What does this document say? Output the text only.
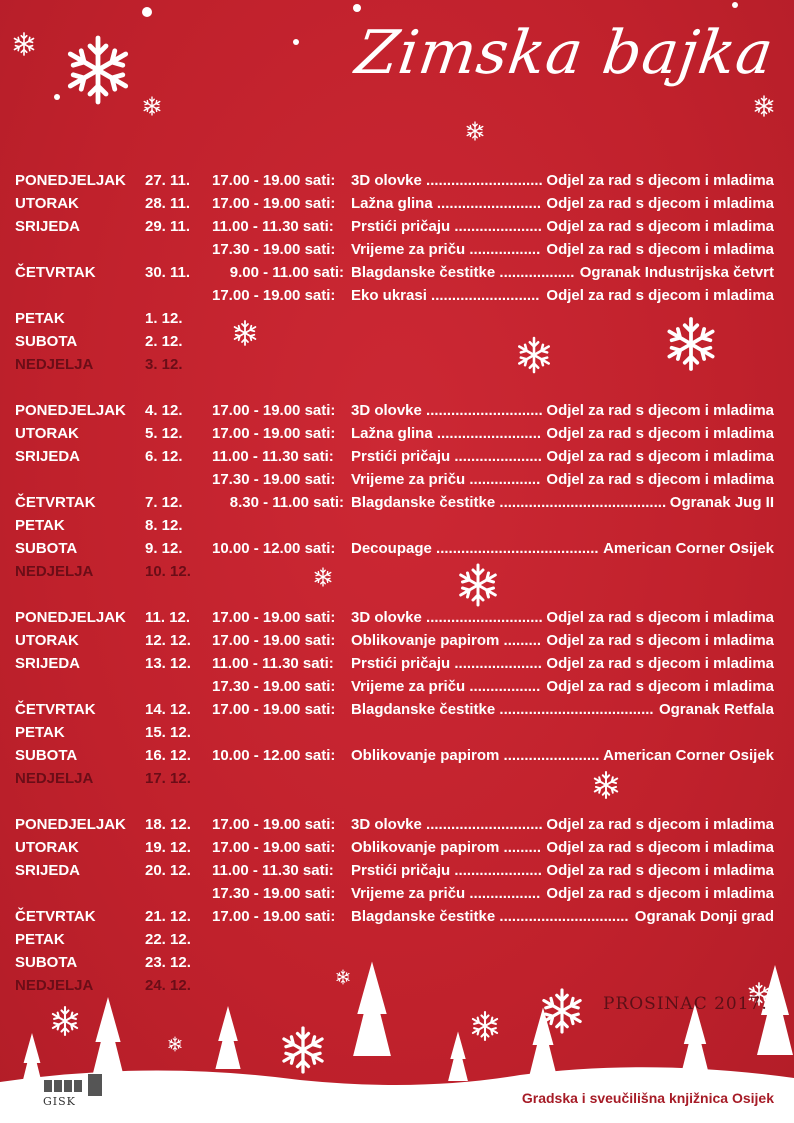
Zimska bajka
PONEDJELJAK 27. 11.	17.00 - 19.00 sati:	3D olovke ............................ Odjel za rad s djecom i mladima
UTORAK	28. 11.	17.00 - 19.00 sati:	Lažna glina ......................... Odjel za rad s djecom i mladima
SRIJEDA	29. 11.	11.00 - 11.30 sati:	Prstići pričaju ..................... Odjel za rad s djecom i mladima
17.30 - 19.00 sati:	Vrijeme za priču ................. Odjel za rad s djecom i mladima
ČETVRTAK	30. 11.	9.00 - 11.00 sati: Blagdanske čestitke .................. Ogranak Industrijska četvrt
17.00 - 19.00 sati:	Eko ukrasi .......................... Odjel za rad s djecom i mladima
PETAK	1. 12.
SUBOTA	2. 12.
NEDJELJA	3. 12.
PONEDJELJAK 4. 12.	17.00 - 19.00 sati:	3D olovke ............................ Odjel za rad s djecom i mladima
UTORAK	5. 12.	17.00 - 19.00 sati:	Lažna glina ......................... Odjel za rad s djecom i mladima
SRIJEDA	6. 12.	11.00 - 11.30 sati:	Prstići pričaju ..................... Odjel za rad s djecom i mladima
17.30 - 19.00 sati:	Vrijeme za priču ................. Odjel za rad s djecom i mladima
ČETVRTAK	7. 12.	8.30 - 11.00 sati: Blagdanske čestitke ........................................ Ogranak Jug II
PETAK	8. 12.
SUBOTA	9. 12.	10.00 - 12.00 sati:	Decoupage ....................................... American Corner Osijek
NEDJELJA	10. 12.
PONEDJELJAK 11. 12.	17.00 - 19.00 sati:	3D olovke ............................ Odjel za rad s djecom i mladima
UTORAK	12. 12.	17.00 - 19.00 sati:	Oblikovanje papirom ......... Odjel za rad s djecom i mladima
SRIJEDA	13. 12.	11.00 - 11.30 sati:	Prstići pričaju ..................... Odjel za rad s djecom i mladima
17.30 - 19.00 sati:	Vrijeme za priču ................. Odjel za rad s djecom i mladima
ČETVRTAK	14. 12.	17.00 - 19.00 sati:	Blagdanske čestitke ..................................... Ogranak Retfala
PETAK	15. 12.
SUBOTA	16. 12.	10.00 - 12.00 sati:	Oblikovanje papirom ....................... American Corner Osijek
NEDJELJA	17. 12.
PONEDJELJAK 18. 12.	17.00 - 19.00 sati:	3D olovke ............................ Odjel za rad s djecom i mladima
UTORAK	19. 12.	17.00 - 19.00 sati:	Oblikovanje papirom ......... Odjel za rad s djecom i mladima
SRIJEDA	20. 12.	11.00 - 11.30 sati:	Prstići pričaju ..................... Odjel za rad s djecom i mladima
17.30 - 19.00 sati:	Vrijeme za priču ................. Odjel za rad s djecom i mladima
ČETVRTAK	21. 12.	17.00 - 19.00 sati:	Blagdanske čestitke ............................... Ogranak Donji grad
PETAK	22. 12.
SUBOTA	23. 12.
NEDJELJA	24. 12.
PROSINAC 2017.
GISK	Gradska i sveučilišna knjižnica Osijek
